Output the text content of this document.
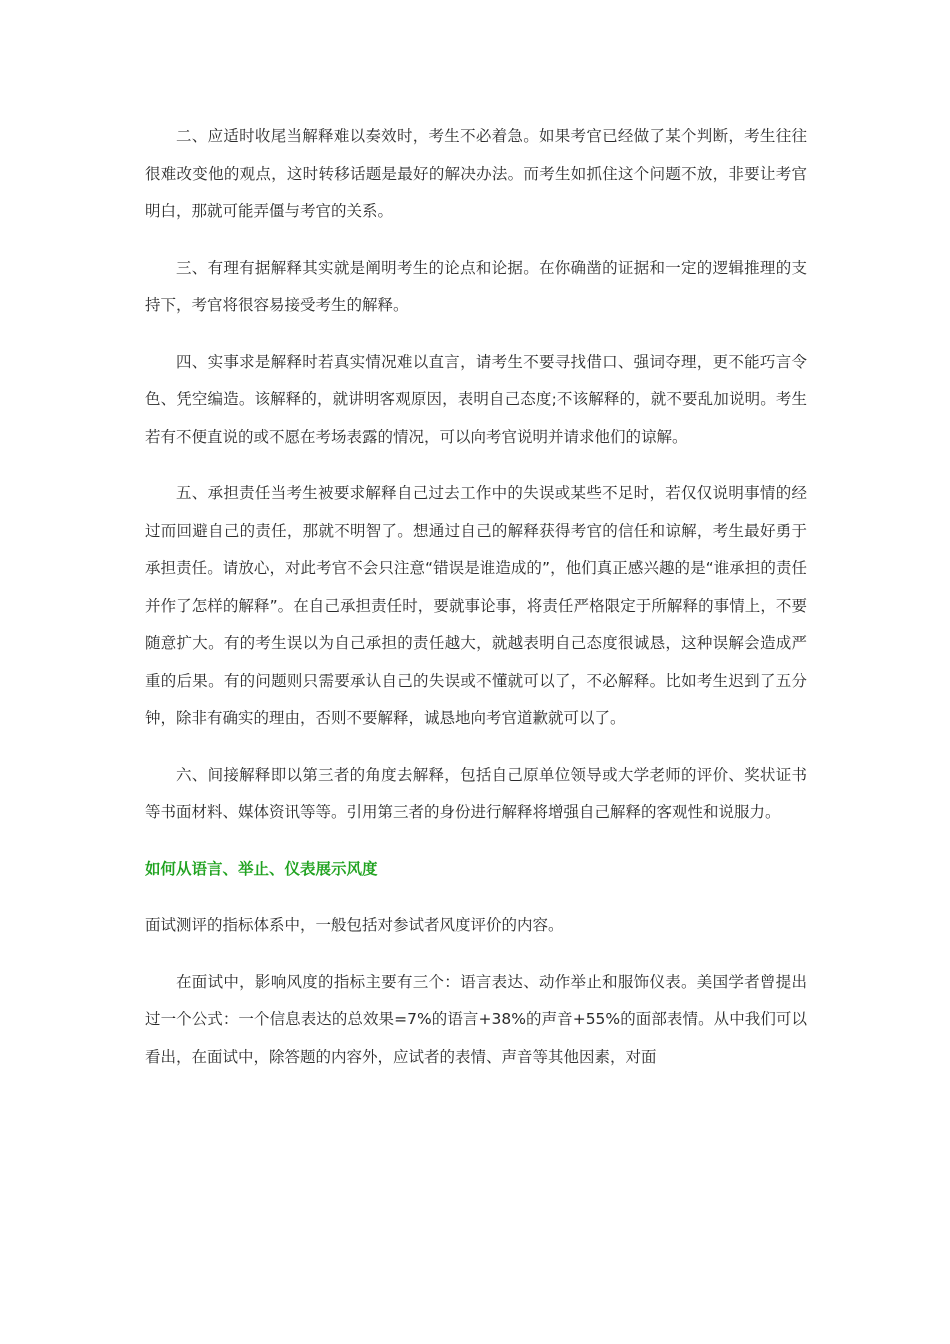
二、应适时收尾当解释难以奏效时，考生不必着急。如果考官已经做了某个判断，考生往往很难改变他的观点，这时转移话题是最好的解决办法。而考生如抓住这个问题不放，非要让考官明白，那就可能弄僵与考官的关系。

三、有理有据解释其实就是阐明考生的论点和论据。在你确凿的证据和一定的逻辑推理的支持下，考官将很容易接受考生的解释。

四、实事求是解释时若真实情况难以直言，请考生不要寻找借口、强词夺理，更不能巧言令色、凭空编造。该解释的，就讲明客观原因，表明自己态度;不该解释的，就不要乱加说明。考生若有不便直说的或不愿在考场表露的情况，可以向考官说明并请求他们的谅解。

五、承担责任当考生被要求解释自己过去工作中的失误或某些不足时，若仅仅说明事情的经过而回避自己的责任，那就不明智了。想通过自己的解释获得考官的信任和谅解，考生最好勇于承担责任。请放心，对此考官不会只注意“错误是谁造成的”，他们真正感兴趣的是“谁承担的责任并作了怎样的解释”。在自己承担责任时，要就事论事，将责任严格限定于所解释的事情上，不要随意扩大。有的考生误以为自己承担的责任越大，就越表明自己态度很诚恳，这种误解会造成严重的后果。有的问题则只需要承认自己的失误或不懂就可以了，不必解释。比如考生迟到了五分钟，除非有确实的理由，否则不要解释，诚恳地向考官道歉就可以了。

六、间接解释即以第三者的角度去解释，包括自己原单位领导或大学老师的评价、奖状证书等书面材料、媒体资讯等等。引用第三者的身份进行解释将增强自己解释的客观性和说服力。

如何从语言、举止、仪表展示风度

面试测评的指标体系中，一般包括对参试者风度评价的内容。

在面试中，影响风度的指标主要有三个：语言表达、动作举止和服饰仪表。美国学者曾提出过一个公式：一个信息表达的总效果=7%的语言+38%的声音+55%的面部表情。从中我们可以看出，在面试中，除答题的内容外，应试者的表情、声音等其他因素，对面
